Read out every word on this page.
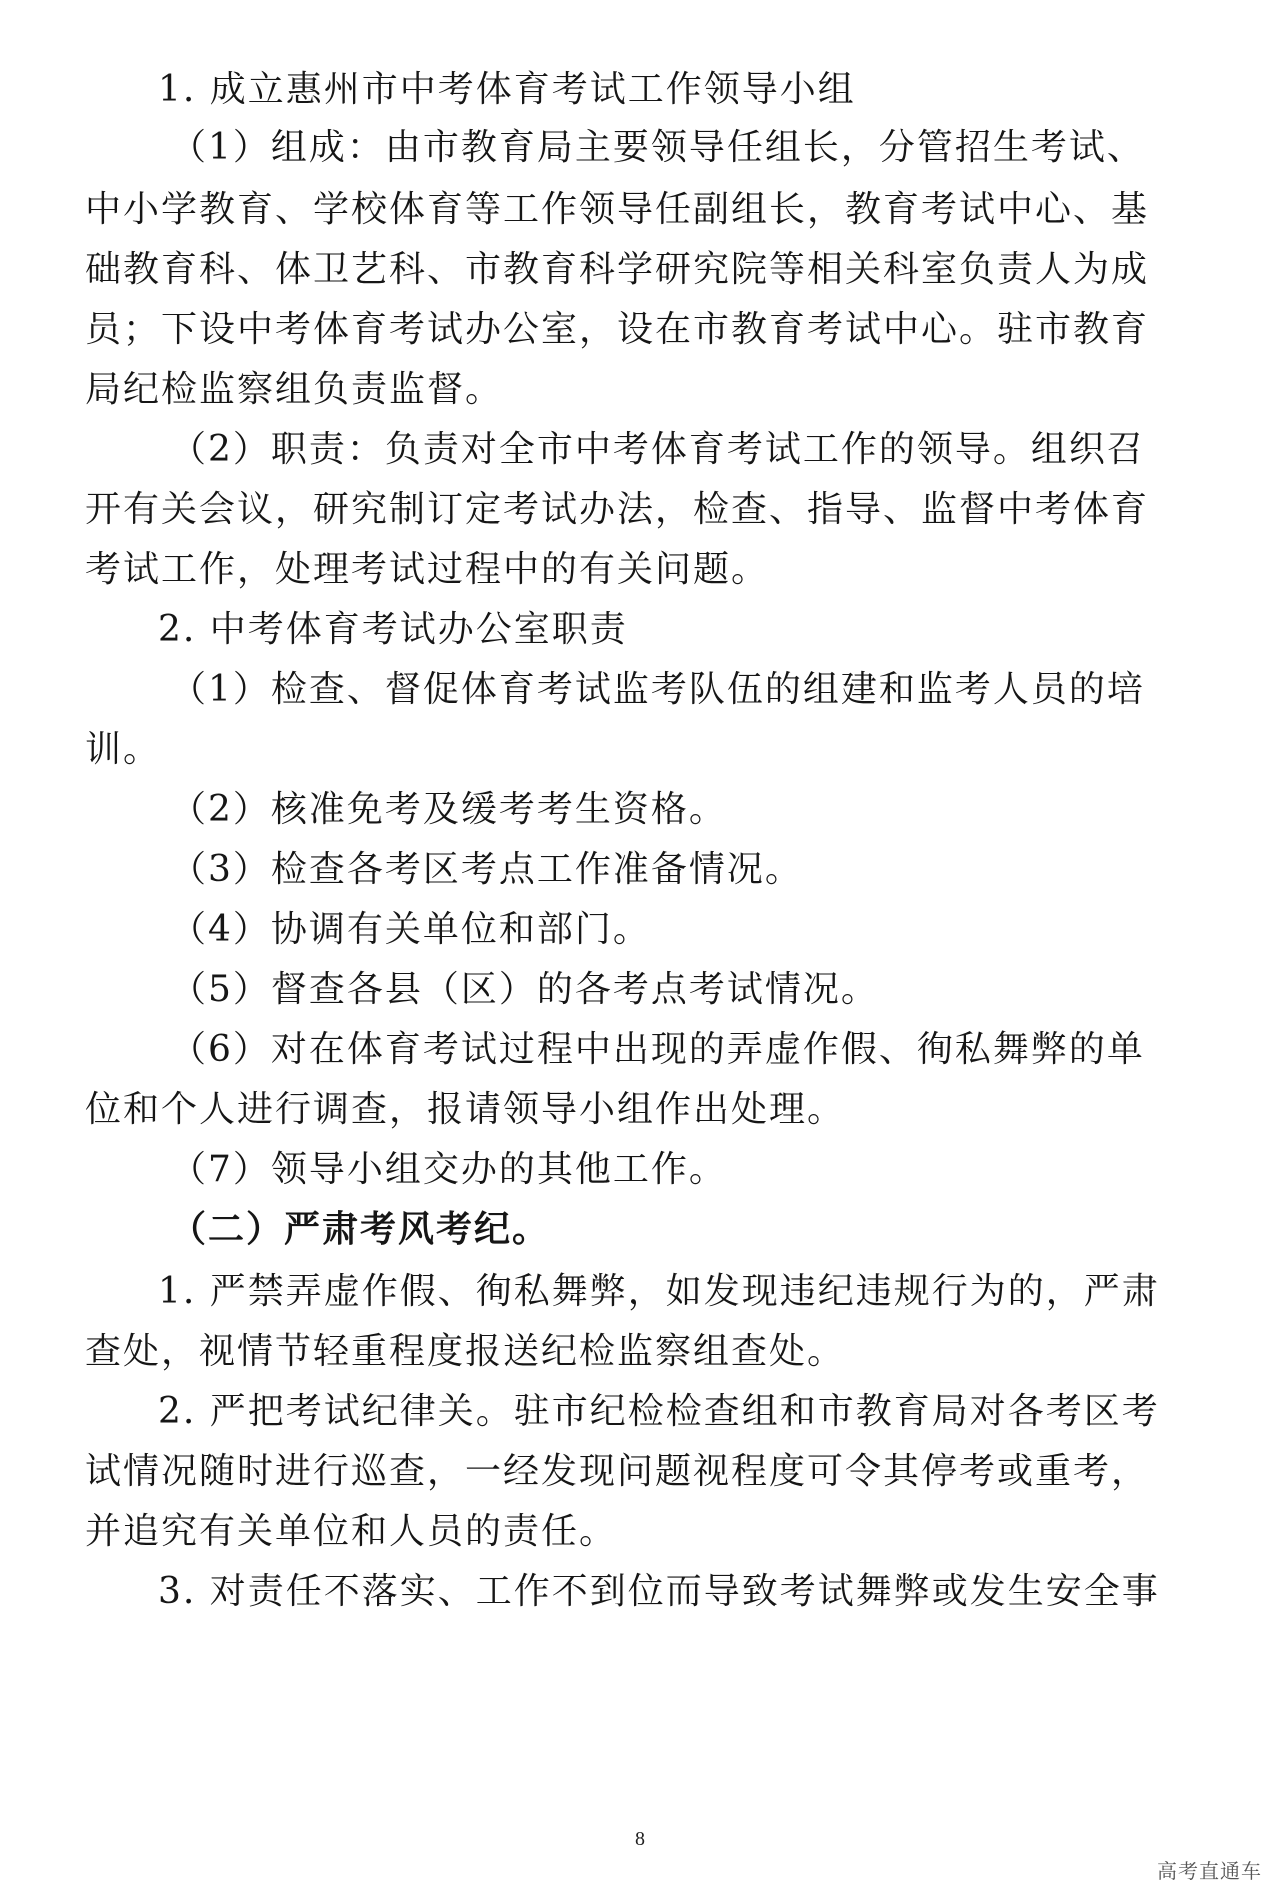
1. 成立惠州市中考体育考试工作领导小组
（1）组成：由市教育局主要领导任组长，分管招生考试、
中小学教育、学校体育等工作领导任副组长，教育考试中心、基
础教育科、体卫艺科、市教育科学研究院等相关科室负责人为成
员；下设中考体育考试办公室，设在市教育考试中心。驻市教育
局纪检监察组负责监督。
（2）职责：负责对全市中考体育考试工作的领导。组织召
开有关会议，研究制订定考试办法，检查、指导、监督中考体育
考试工作，处理考试过程中的有关问题。
2. 中考体育考试办公室职责
（1）检查、督促体育考试监考队伍的组建和监考人员的培
训。
（2）核准免考及缓考考生资格。
（3）检查各考区考点工作准备情况。
（4）协调有关单位和部门。
（5）督查各县（区）的各考点考试情况。
（6）对在体育考试过程中出现的弄虚作假、徇私舞弊的单
位和个人进行调查，报请领导小组作出处理。
（7）领导小组交办的其他工作。
（二）严肃考风考纪。
1. 严禁弄虚作假、徇私舞弊，如发现违纪违规行为的，严肃
查处，视情节轻重程度报送纪检监察组查处。
2. 严把考试纪律关。驻市纪检检查组和市教育局对各考区考
试情况随时进行巡查，一经发现问题视程度可令其停考或重考，
并追究有关单位和人员的责任。
3. 对责任不落实、工作不到位而导致考试舞弊或发生安全事
8
高考直通车
